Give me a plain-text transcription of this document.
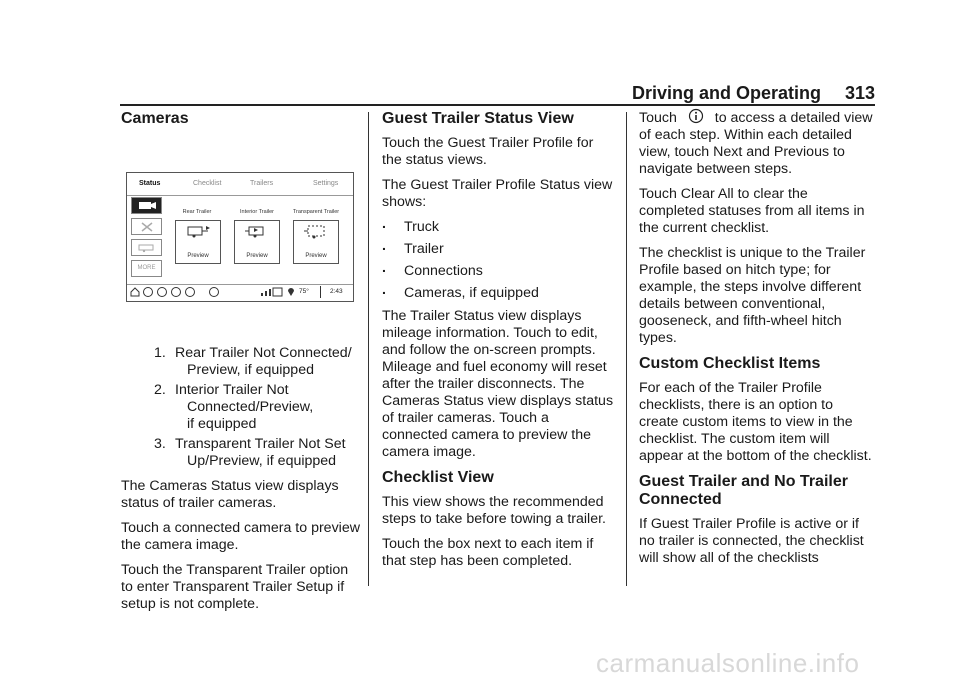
Driving and Operating 313
Cameras
Status	Checklist	Trailers	Settings
MORE
Rear Trailer	Interior Trailer	Transparent Trailer
Preview	Preview	Preview
75°	2:43
1. Rear Trailer Not Connected/
Preview, if equipped
2. Interior Trailer Not
Connected/Preview,
if equipped
3. Transparent Trailer Not Set
Up/Preview, if equipped

The Cameras Status view displays status of trailer cameras.

Touch a connected camera to preview the camera image.

Touch the Transparent Trailer option to enter Transparent Trailer Setup if setup is not complete.

Guest Trailer Status View

Touch the Guest Trailer Profile for the status views.

The Guest Trailer Profile Status view shows:

. Truck
. Trailer
. Connections
. Cameras, if equipped

The Trailer Status view displays mileage information. Touch to edit, and follow the on-screen prompts. Mileage and fuel economy will reset after the trailer disconnects. The Cameras Status view displays status of trailer cameras. Touch a connected camera to preview the camera image.

Checklist View

This view shows the recommended steps to take before towing a trailer.

Touch the box next to each item if that step has been completed.

Touch	to access a detailed view of each step. Within each detailed view, touch Next and Previous to navigate between steps.

Touch Clear All to clear the completed statuses from all items in the current checklist.

The checklist is unique to the Trailer Profile based on hitch type; for example, the steps involve different details between conventional, gooseneck, and fifth-wheel hitch types.

Custom Checklist Items

For each of the Trailer Profile checklists, there is an option to create custom items to view in the checklist. The custom item will appear at the bottom of the checklist.

Guest Trailer and No Trailer Connected

If Guest Trailer Profile is active or if no trailer is connected, the checklist will show all of the checklists

carmanualsonline.info
